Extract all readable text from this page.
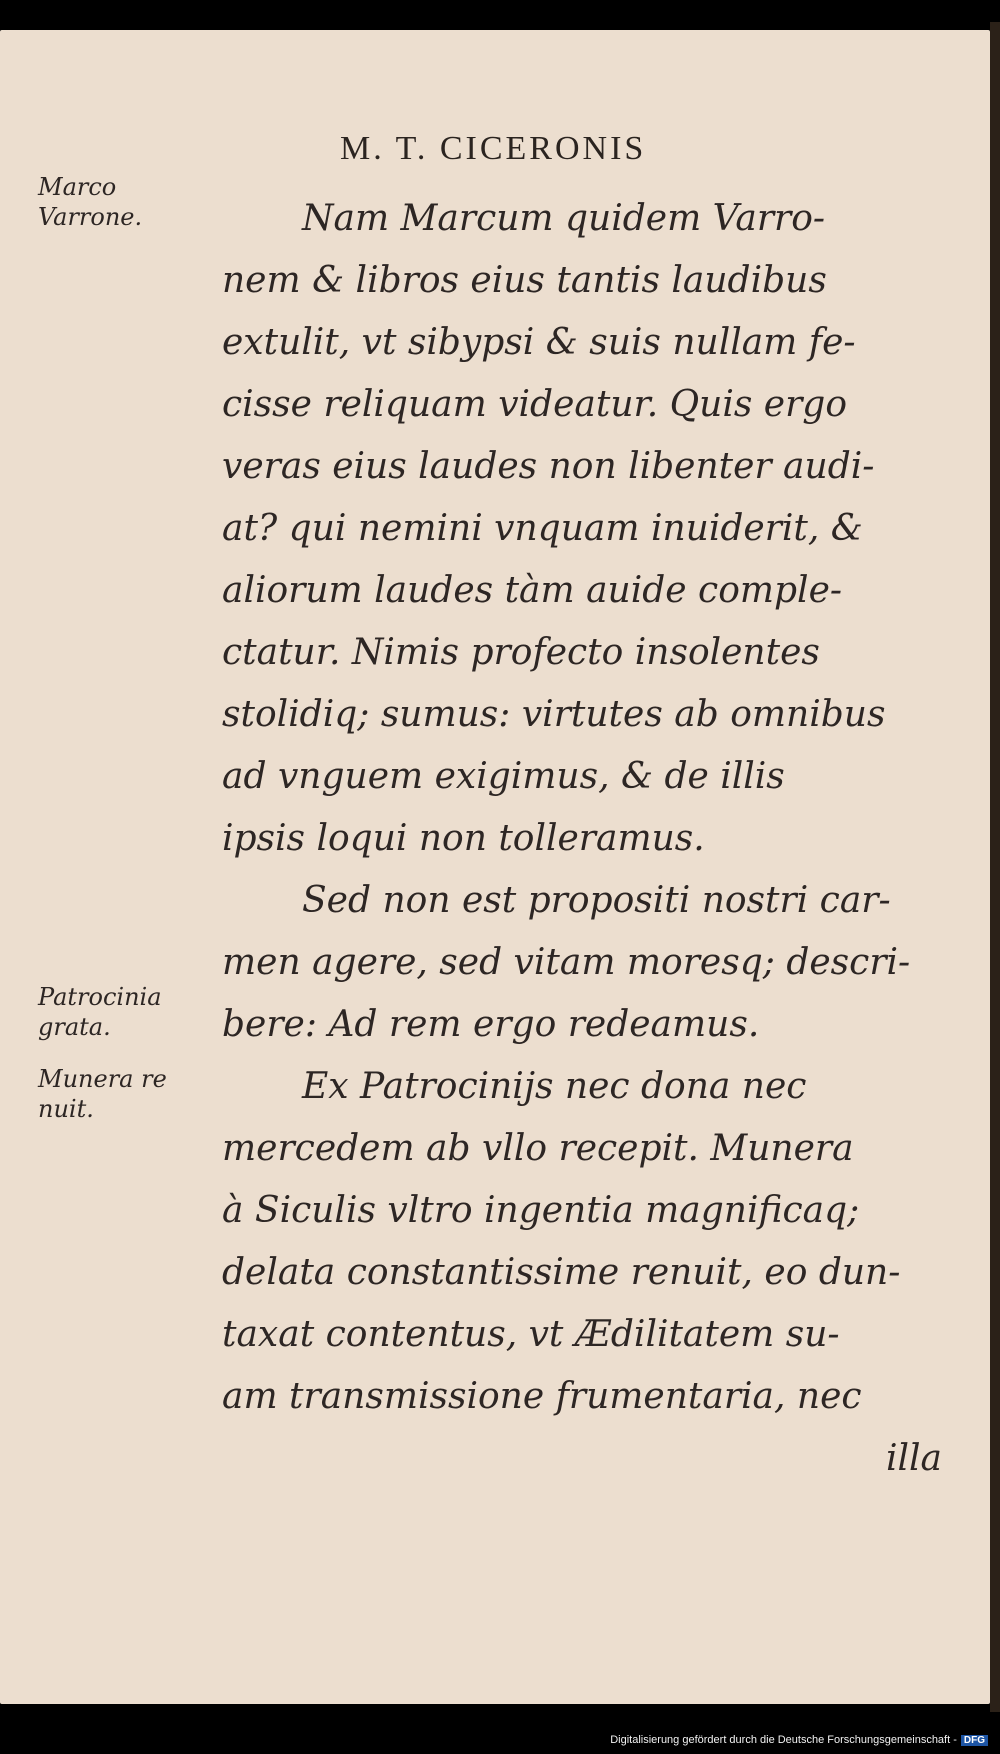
M. T. CICERONIS
Marco
Varrone.
Patrocinia
grata.
Munera re
nuit.
Nam Marcum quidem Varro-
nem & libros eius tantis laudibus
extulit, vt sibypsi & suis nullam fe-
cisse reliquam videatur. Quis ergo
veras eius laudes non libenter audi-
at? qui nemini vnquam inuiderit, &
aliorum laudes tàm auide comple-
ctatur. Nimis profecto insolentes
stolidiq; sumus: virtutes ab omnibus
ad vnguem exigimus, & de illis
ipsis loqui non tolleramus.
Sed non est propositi nostri car-
men agere, sed vitam moresq; descri-
bere: Ad rem ergo redeamus.
Ex Patrocinijs nec dona nec
mercedem ab vllo recepit. Munera
à Siculis vltro ingentia magnificaq;
delata constantissime renuit, eo dun-
taxat contentus, vt Ædilitatem su-
am transmissione frumentaria, nec
illa
Digitalisierung gefördert durch die Deutsche Forschungsgemeinschaft - DFG
